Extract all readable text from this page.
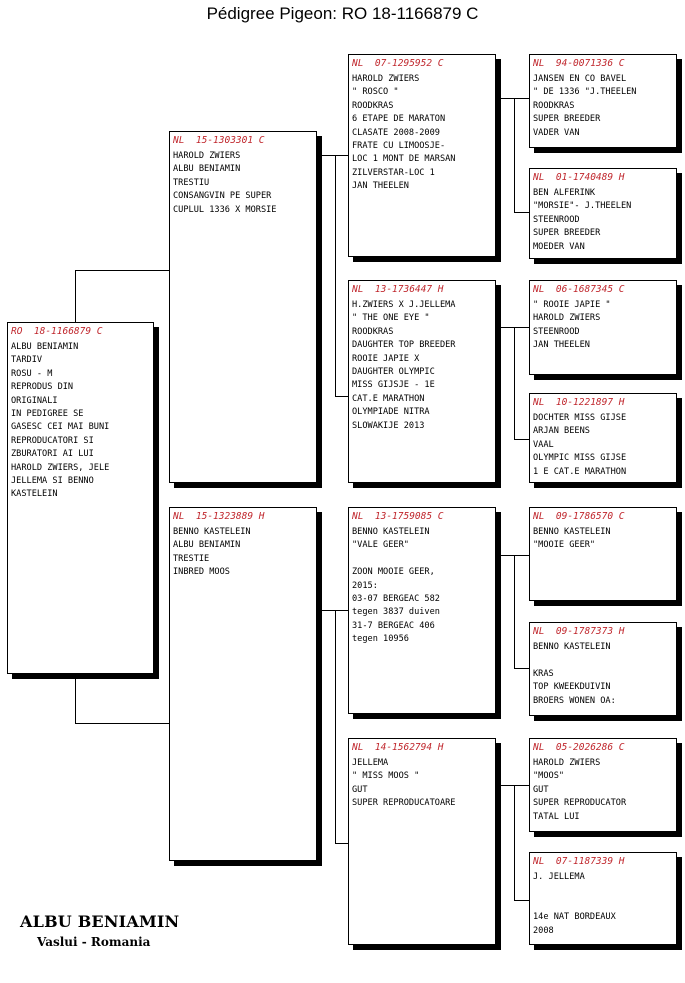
Pédigree Pigeon: RO 18-1166879 C
RO  18-1166879 C
ALBU BENIAMIN
TARDIV
ROSU - M
REPRODUS DIN
ORIGINALI
IN PEDIGREE SE
GASESC CEI MAI BUNI
REPRODUCATORI SI
ZBURATORI AI LUI
HAROLD ZWIERS, JELE
JELLEMA SI BENNO
KASTELEIN
NL  15-1303301 C
HAROLD ZWIERS
ALBU BENIAMIN
TRESTIU
CONSANGVIN PE SUPER
CUPLUL 1336 X MORSIE
NL  15-1323889 H
BENNO KASTELEIN
ALBU BENIAMIN
TRESTIE
INBRED MOOS
NL  07-1295952 C
HAROLD ZWIERS
" ROSCO "
ROODKRAS
6 ETAPE DE MARATON
CLASATE 2008-2009
FRATE CU LIMOOSJE-
LOC 1 MONT DE MARSAN
ZILVERSTAR-LOC 1
JAN THEELEN
NL  13-1736447 H
H.ZWIERS X J.JELLEMA
" THE ONE EYE "
ROODKRAS
DAUGHTER TOP BREEDER
ROOIE JAPIE X
DAUGHTER OLYMPIC
MISS GIJSJE - 1E
CAT.E MARATHON
OLYMPIADE NITRA
SLOWAKIJE 2013
NL  13-1759085 C
BENNO KASTELEIN
"VALE GEER"
ZOON MOOIE GEER,
2015:
03-07 BERGEAC 582
tegen 3837 duiven
31-7 BERGEAC 406
tegen 10956
NL  14-1562794 H
JELLEMA
" MISS MOOS "
GUT
SUPER REPRODUCATOARE
NL  94-0071336 C
JANSEN EN CO BAVEL
" DE 1336 "J.THEELEN
ROODKRAS
SUPER BREEDER
VADER VAN
NL  01-1740489 H
BEN ALFERINK
"MORSIE"- J.THEELEN
STEENROOD
SUPER BREEDER
MOEDER VAN
NL  06-1687345 C
" ROOIE JAPIE "
HAROLD ZWIERS
STEENROOD
JAN THEELEN
NL  10-1221897 H
DOCHTER MISS GIJSE
ARJAN BEENS
VAAL
OLYMPIC MISS GIJSE
1 E CAT.E MARATHON
NL  09-1786570 C
BENNO KASTELEIN
"MOOIE GEER"
NL  09-1787373 H
BENNO KASTELEIN
KRAS
TOP KWEEKDUIVIN
BROERS WONEN OA:
NL  05-2026286 C
HAROLD ZWIERS
"MOOS"
GUT
SUPER REPRODUCATOR
TATAL LUI
NL  07-1187339 H
J. JELLEMA
14e NAT BORDEAUX
2008
ALBU BENIAMIN
Vaslui - Romania
